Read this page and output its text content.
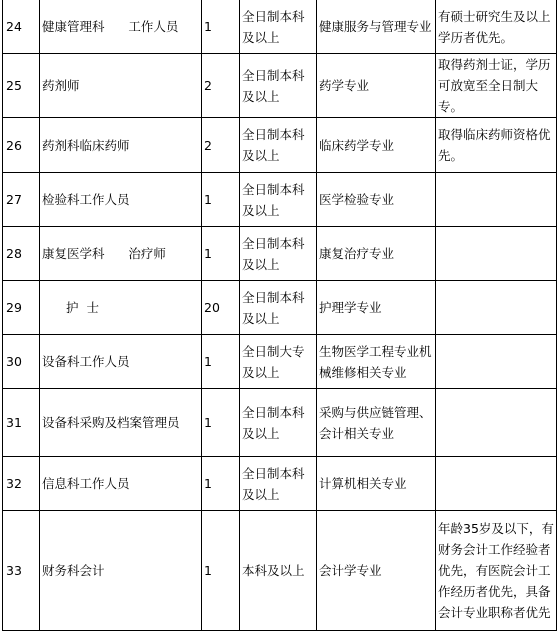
24	健康管理科      工作人员	1	全日制本科及以上	健康服务与管理专业	有硕士研究生及以上学历者优先。
25	药剂师	2	全日制本科及以上	药学专业	取得药剂士证，学历可放宽至全日制大专。
26	药剂科临床药师	2	全日制本科及以上	临床药学专业	取得临床药师资格优先。
27	检验科工作人员	1	全日制本科及以上	医学检验专业	
28	康复医学科      治疗师	1	全日制本科及以上	康复治疗专业	
29	护  士	20	全日制本科及以上	护理学专业	
30	设备科工作人员	1	全日制大专及以上	生物医学工程专业机械维修相关专业	
31	设备科采购及档案管理员	1	全日制本科及以上	采购与供应链管理、会计相关专业	
32	信息科工作人员	1	全日制本科及以上	计算机相关专业	
33	财务科会计	1	本科及以上	会计学专业	年龄35岁及以下，有财务会计工作经验者优先，有医院会计工作经历者优先，具备会计专业职称者优先
